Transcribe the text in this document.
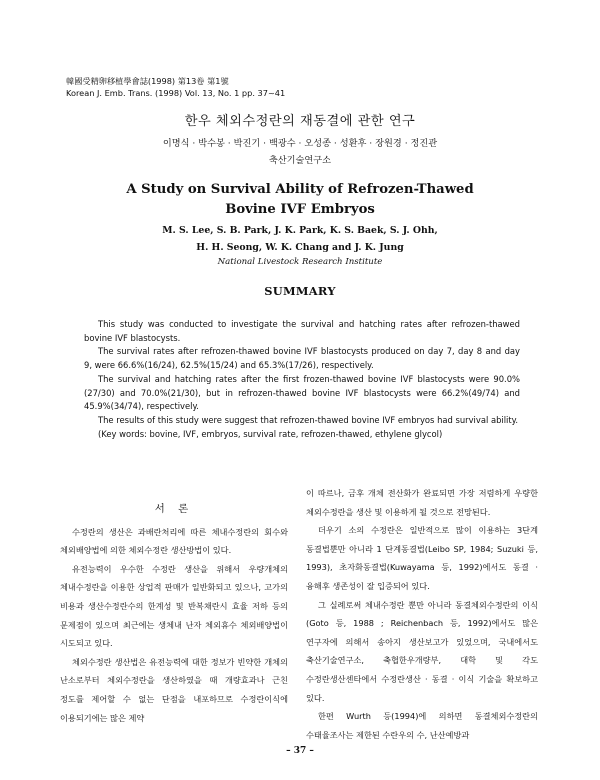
韓國受精卵移植學會誌(1998) 第13卷 第1號
Korean J. Emb. Trans. (1998) Vol. 13, No. 1 pp. 37~41
한우 체외수정란의 재동결에 관한 연구
이명식 · 박수봉 · 박진기 · 백광수 · 오성종 · 성환후 · 장원경 · 정진관
축산기술연구소
A Study on Survival Ability of Refrozen-Thawed
Bovine IVF Embryos
M. S. Lee, S. B. Park, J. K. Park, K. S. Baek, S. J. Ohh,
H. H. Seong, W. K. Chang and J. K. Jung
National Livestock Research Institute
SUMMARY

This study was conducted to investigate the survival and hatching rates after refrozen-thawed bovine IVF blastocysts.

The survival rates after refrozen-thawed bovine IVF blastocysts produced on day 7, day 8 and day 9, were 66.6%(16/24), 62.5%(15/24) and 65.3%(17/26), respectively.

The survival and hatching rates after the first frozen-thawed bovine IVF blastocysts were 90.0%(27/30) and 70.0%(21/30), but in refrozen-thawed bovine IVF blastocysts were 66.2%(49/74) and 45.9%(34/74), respectively.

The results of this study were suggest that refrozen-thawed bovine IVF embryos had survival ability.

(Key words: bovine, IVF, embryos, survival rate, refrozen-thawed, ethylene glycol)

서 론

수정란의 생산은 과배란처리에 따른 체내수정란의 회수와 체외배양법에 의한 체외수정란 생산방법이 있다.

유전능력이 우수한 수정란 생산을 위해서 우량개체의 체내수정란을 이용한 상업적 판매가 일반화되고 있으나, 고가의 비용과 생산수정란수의 한계성 및 반복채란시 효율 저하 등의 문제점이 있으며 최근에는 생체내 난자 체외휴수 체외배양법이 시도되고 있다.

체외수정란 생산법은 유전능력에 대한 정보가 빈약한 개체의 난소로부터 체외수정란을 생산하였을 때 개량효과나 근친 정도를 제어할 수 없는 단점을 내포하므로 수정란이식에 이용되기에는 많은 제약

이 따르나, 금후 개체 전산화가 완료되면 가장 저렴하게 우량한 체외수정란을 생산 및 이용하게 될 것으로 전망된다.

더우기 소의 수정란은 일반적으로 많이 이용하는 3단계 동결법뿐만 아니라 1 단계동결법(Leibo SP, 1984; Suzuki 등, 1993), 초자화동결법(Kuwayama 등, 1992)에서도 동결 · 융해후 생존성이 잘 입증되어 있다.

그 실례로써 체내수정란 뿐만 아니라 동결체외수정란의 이식 (Goto 등, 1988 ; Reichenbach 등, 1992)에서도 많은 연구자에 의해서 송아지 생산보고가 있었으며, 국내에서도 축산기술연구소, 축협한우개량부, 대학 및 각도 수정란생산센타에서 수정란생산 · 동결 · 이식 기술을 확보하고 있다.

한편 Wurth 등(1994)에 의하면 동결체외수정란의 수태율조사는 제한된 수란우의 수, 난산예방과

– 37 –
